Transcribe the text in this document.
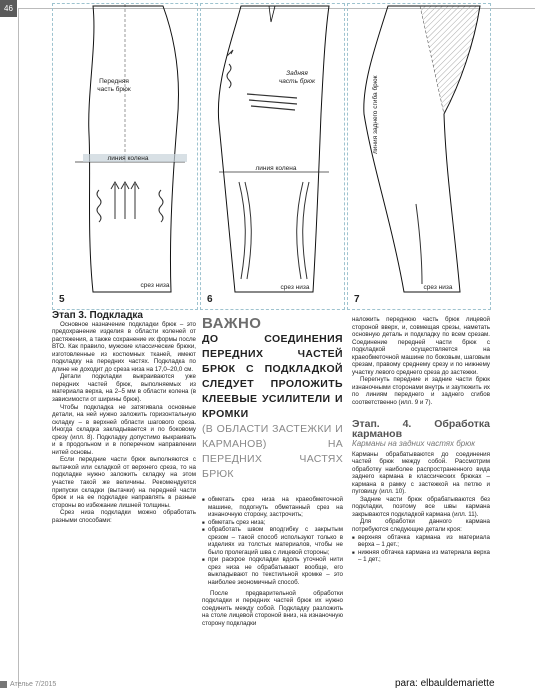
46
Передняя
часть брюк
линия колена
срез низа
5
Задняя
часть брюк
линия колена
срез низа
6
линия заднего сгиба брюк
срез низа
7
Этап 3. Подкладка

Основное назначение подкладки брюк – это предохранение изделия в области коленей от растяжения, а также сохранение их формы после ВТО. Как правило, мужские классические брюки, изготовленные из костюмных тканей, имеют подкладку на передних частях. Подкладка по длине не доходит до среза низа на 17,0–20,0 см.

Детали подкладки выкраиваются уже передних частей брюк, выполняемых из материала верха, на 2–5 мм в области колена (в зависимости от ширины брюк).

Чтобы подкладка не затягивала основные детали, на ней нужно заложить горизонтальную складку – в верхней области шагового среза. Иногда складка закладывается и по боковому срезу (илл. 8). Подкладку допустимо выкраивать и в продольном и в поперечном направлении нитей основы.

Если передние части брюк выполняются с вытачкой или складкой от верхнего среза, то на подкладке нужно заложить складку на этом участке такой же величины. Рекомендуется припуски складки (вытачки) на передней части брюк и на ее подкладке направлять в разные стороны во избежание лишней толщины.

Срез низа подкладки можно обработать разными способами:

ВАЖНО
ДО СОЕДИНЕНИЯ ПЕРЕДНИХ ЧАСТЕЙ БРЮК С ПОДКЛАДКОЙ СЛЕДУЕТ ПРОЛОЖИТЬ КЛЕЕВЫЕ УСИЛИТЕЛИ И КРОМКИ
(В ОБЛАСТИ ЗАСТЕЖКИ И КАРМАНОВ) НА ПЕРЕДНИХ ЧАСТЯХ БРЮК
■ обметать срез низа на краеобметочной машине, подогнуть обметанный срез на изнаночную сторону, застрочить;
■ обметать срез низа;
■ обработать швом вподгибку с закрытым срезом – такой способ используют только в изделиях из толстых материалов, чтобы не было пролегаций шва с лицевой стороны;
■ при раскрое подкладки вдоль уточной нити срез низа не обрабатывают вообще, его выкладывают по текстильной кромке – это наиболее экономичный способ.

После предварительной обработки подкладки и передних частей брюк их нужно соединить между собой. Подкладку разложить на столе лицевой стороной вниз, на изнаночную сторону подкладки

наложить переднюю часть брюк лицевой стороной вверх, и, совмещая срезы, наметать основную деталь и подкладку по всем срезам. Соединение передней части брюк с подкладкой осуществляется на краеобметочной машине по боковым, шаговым срезам, правому среднему срезу и по нижнему участку левого среднего среза до застежки.

Перегнуть передние и задние части брюк изнаночными сторонами внутрь и заутюжить их по линиям переднего и заднего сгибов соответственно (илл. 9 и 7).

Этап. 4. Обработка карманов
Карманы на задних частях брюк

Карманы обрабатываются до соединения частей брюк между собой. Рассмотрим обработку наиболее распространенного вида заднего кармана в классических брюках – кармана в рамку с застежкой на петлю и пуговицу (илл. 10).

Задние части брюк обрабатываются без подкладки, поэтому все швы кармана закрываются подкладкой кармана (илл. 11).

Для обработки данного кармана потребуются следующие детали кроя:

■ верхняя обтачка кармана из материала верха – 1 дет.;
■ нижняя обтачка кармана из материала верха – 1 дет.;
Ателье 7/2015	para: elbauldemariette
